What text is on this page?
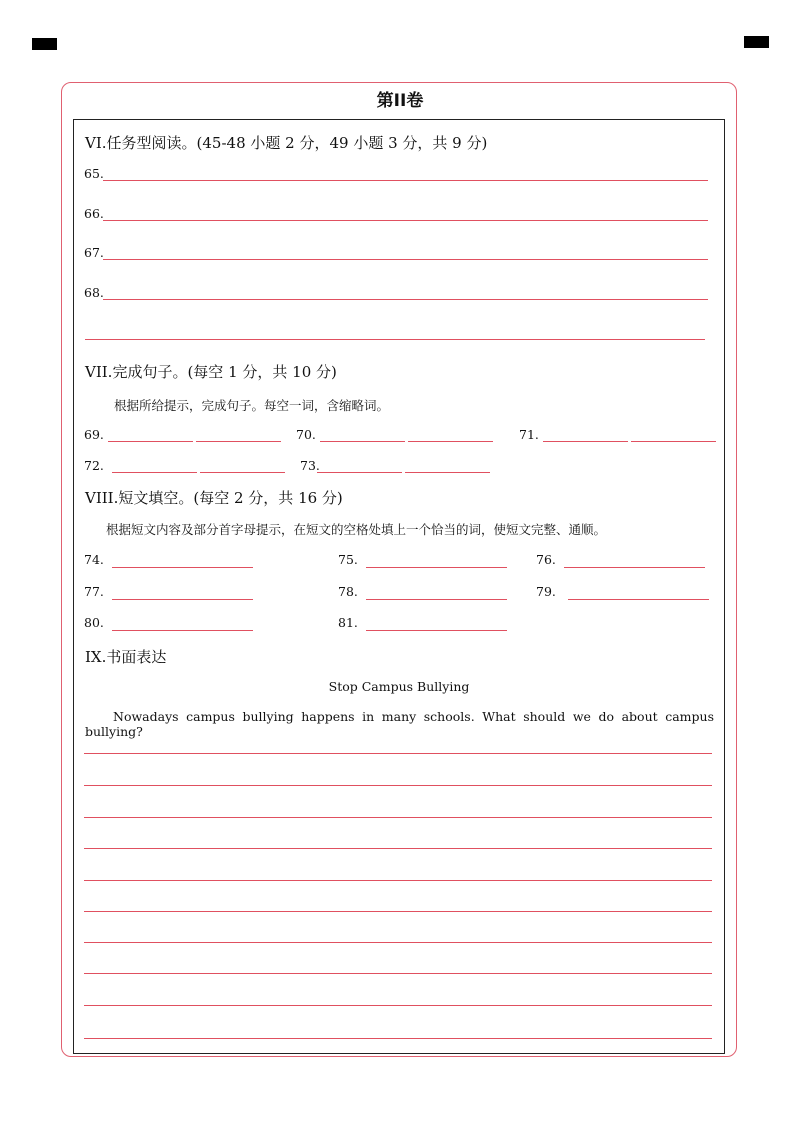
第II卷
VI.任务型阅读。(45-48 小题 2 分，49 小题 3 分，共 9 分)
65.
66.
67.
68.
VII.完成句子。(每空 1 分，共 10 分)
根据所给提示，完成句子。每空一词，含缩略词。
69.	70.	71.
72.	73.
VIII.短文填空。(每空 2 分，共 16 分)
根据短文内容及部分首字母提示，在短文的空格处填上一个恰当的词，使短文完整、通顺。
74.	75.	76.
77.	78.	79.
80.	81.
IX.书面表达
Stop Campus Bullying
Nowadays campus bullying happens in many schools. What should we do about campus bullying?
